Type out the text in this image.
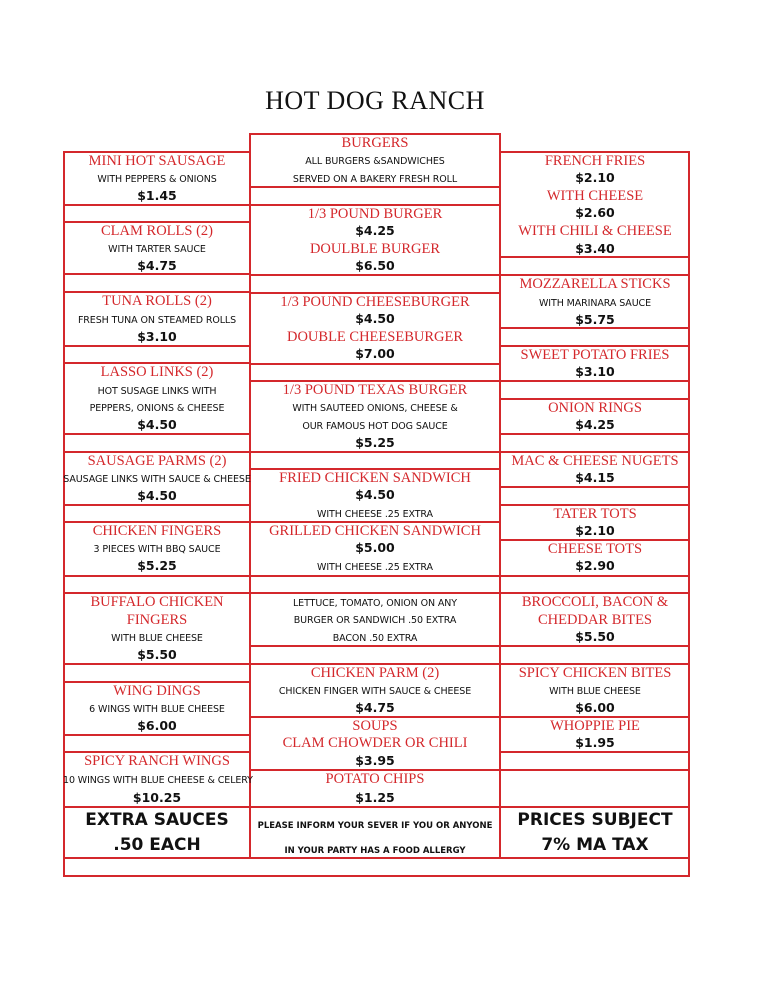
HOT DOG RANCH
MINI HOT SAUSAGE
WITH PEPPERS & ONIONS
$1.45
CLAM ROLLS (2)
WITH TARTER SAUCE
$4.75
TUNA ROLLS (2)
FRESH TUNA ON STEAMED ROLLS
$3.10
LASSO LINKS (2)
HOT SUSAGE LINKS WITH
PEPPERS, ONIONS & CHEESE
$4.50
SAUSAGE PARMS (2)
SAUSAGE LINKS WITH SAUCE & CHEESE
$4.50
CHICKEN FINGERS
3 PIECES WITH BBQ SAUCE
$5.25
BUFFALO CHICKEN
FINGERS
WITH BLUE CHEESE
$5.50
WING DINGS
6 WINGS WITH BLUE CHEESE
$6.00
SPICY RANCH WINGS
10 WINGS WITH BLUE CHEESE & CELERY
$10.25
EXTRA SAUCES
.50 EACH
BURGERS
ALL BURGERS &SANDWICHES
SERVED ON A BAKERY FRESH ROLL
1/3 POUND BURGER
$4.25
DOULBLE BURGER
$6.50
1/3 POUND CHEESEBURGER
$4.50
DOUBLE CHEESEBURGER
$7.00
1/3 POUND TEXAS BURGER
WITH SAUTEED ONIONS, CHEESE &
OUR FAMOUS HOT DOG SAUCE
$5.25
FRIED CHICKEN SANDWICH
$4.50
WITH CHEESE .25 EXTRA
GRILLED CHICKEN SANDWICH
$5.00
WITH CHEESE .25 EXTRA
LETTUCE, TOMATO, ONION ON ANY
BURGER OR SANDWICH .50 EXTRA
BACON .50 EXTRA
CHICKEN PARM (2)
CHICKEN FINGER WITH SAUCE & CHEESE
$4.75
SOUPS
CLAM CHOWDER OR CHILI
$3.95
POTATO CHIPS
$1.25
PLEASE INFORM YOUR SEVER IF YOU OR ANYONE
IN YOUR PARTY HAS A FOOD ALLERGY
FRENCH FRIES
$2.10
WITH CHEESE
$2.60
WITH CHILI & CHEESE
$3.40
MOZZARELLA STICKS
WITH MARINARA SAUCE
$5.75
SWEET POTATO FRIES
$3.10
ONION RINGS
$4.25
MAC & CHEESE NUGETS
$4.15
TATER TOTS
$2.10
CHEESE TOTS
$2.90
BROCCOLI, BACON &
CHEDDAR BITES
$5.50
SPICY CHICKEN BITES
WITH BLUE CHEESE
$6.00
WHOPPIE PIE
$1.95
PRICES SUBJECT
7% MA TAX
